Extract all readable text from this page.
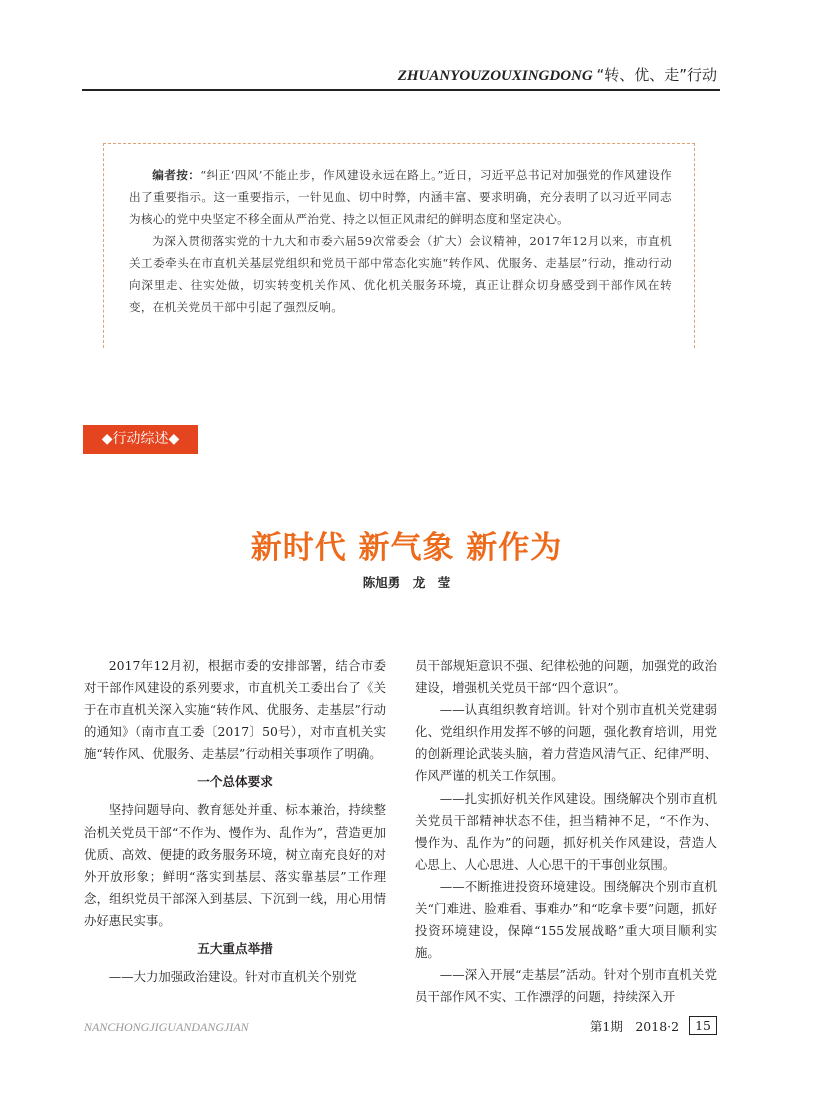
ZHUANYOUZOUXINGDONG “转、优、走”行动

编者按：“纠正‘四风’不能止步，作风建设永远在路上。”近日，习近平总书记对加强党的作风建设作出了重要指示。这一重要指示，一针见血、切中时弊，内涵丰富、要求明确，充分表明了以习近平同志为核心的党中央坚定不移全面从严治党、持之以恒正风肃纪的鲜明态度和坚定决心。

为深入贯彻落实党的十九大和市委六届59次常委会（扩大）会议精神，2017年12月以来，市直机关工委牵头在市直机关基层党组织和党员干部中常态化实施“转作风、优服务、走基层”行动，推动行动向深里走、往实处做，切实转变机关作风、优化机关服务环境，真正让群众切身感受到干部作风在转变，在机关党员干部中引起了强烈反响。

◆行动综述◆
新时代 新气象 新作为
陈旭勇　龙　莹

2017年12月初，根据市委的安排部署，结合市委对干部作风建设的系列要求，市直机关工委出台了《关于在市直机关深入实施“转作风、优服务、走基层”行动的通知》（南市直工委〔2017〕50号），对市直机关实施“转作风、优服务、走基层”行动相关事项作了明确。

一个总体要求

坚持问题导向、教育惩处并重、标本兼治，持续整治机关党员干部“不作为、慢作为、乱作为”，营造更加优质、高效、便捷的政务服务环境，树立南充良好的对外开放形象；鲜明“落实到基层、落实靠基层”工作理念，组织党员干部深入到基层、下沉到一线，用心用情办好惠民实事。

五大重点举措

——大力加强政治建设。针对市直机关个别党

员干部规矩意识不强、纪律松弛的问题，加强党的政治建设，增强机关党员干部“四个意识”。

——认真组织教育培训。针对个别市直机关党建弱化、党组织作用发挥不够的问题，强化教育培训，用党的创新理论武装头脑，着力营造风清气正、纪律严明、作风严谨的机关工作氛围。

——扎实抓好机关作风建设。围绕解决个别市直机关党员干部精神状态不佳，担当精神不足，“不作为、慢作为、乱作为”的问题，抓好机关作风建设，营造人心思上、人心思进、人心思干的干事创业氛围。

——不断推进投资环境建设。围绕解决个别市直机关“门难进、脸难看、事难办”和“吃拿卡要”问题，抓好投资环境建设，保障“155发展战略”重大项目顺利实施。

——深入开展“走基层”活动。针对个别市直机关党员干部作风不实、工作漂浮的问题，持续深入开

NANCHONGJIGUANDANGJIAN	第1期　2018·2	15
